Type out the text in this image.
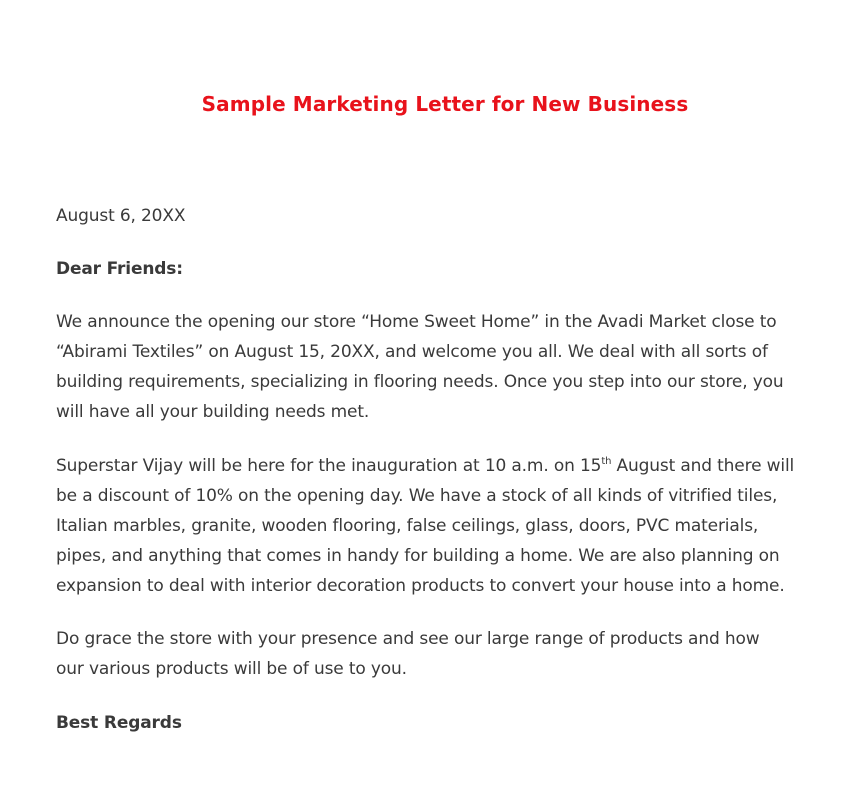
Sample Marketing Letter for New Business

August 6, 20XX

Dear Friends:

We announce the opening our store “Home Sweet Home” in the Avadi Market close to
“Abirami Textiles” on August 15, 20XX, and welcome you all. We deal with all sorts of
building requirements, specializing in flooring needs. Once you step into our store, you
will have all your building needs met.

Superstar Vijay will be here for the inauguration at 10 a.m. on 15th August and there will
be a discount of 10% on the opening day. We have a stock of all kinds of vitrified tiles,
Italian marbles, granite, wooden flooring, false ceilings, glass, doors, PVC materials,
pipes, and anything that comes in handy for building a home. We are also planning on
expansion to deal with interior decoration products to convert your house into a home.

Do grace the store with your presence and see our large range of products and how
our various products will be of use to you.

Best Regards
